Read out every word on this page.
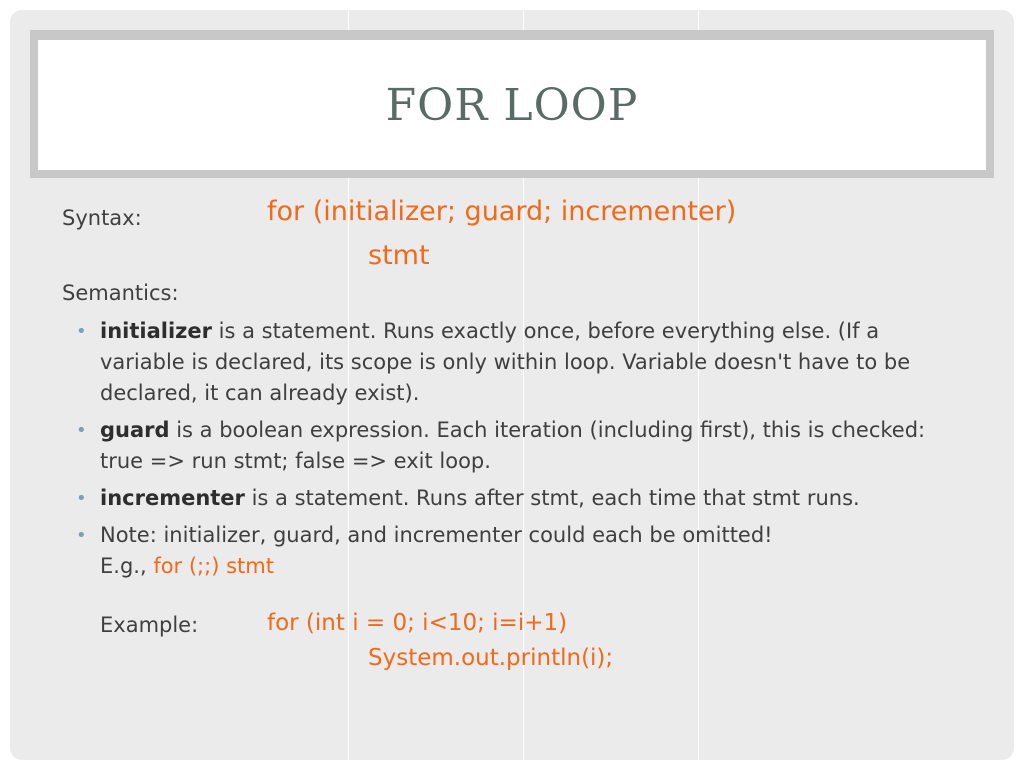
FOR LOOP
Syntax:	for (initializer; guard; incrementer)
stmt
Semantics:
• initializer is a statement. Runs exactly once, before everything else. (If a variable is declared, its scope is only within loop. Variable doesn't have to be declared, it can already exist).
• guard is a boolean expression. Each iteration (including first), this is checked: true => run stmt; false => exit loop.
• incrementer is a statement. Runs after stmt, each time that stmt runs.
• Note: initializer, guard, and incrementer could each be omitted!
E.g., for (;;) stmt
Example:	for (int i = 0; i<10; i=i+1)
System.out.println(i);
